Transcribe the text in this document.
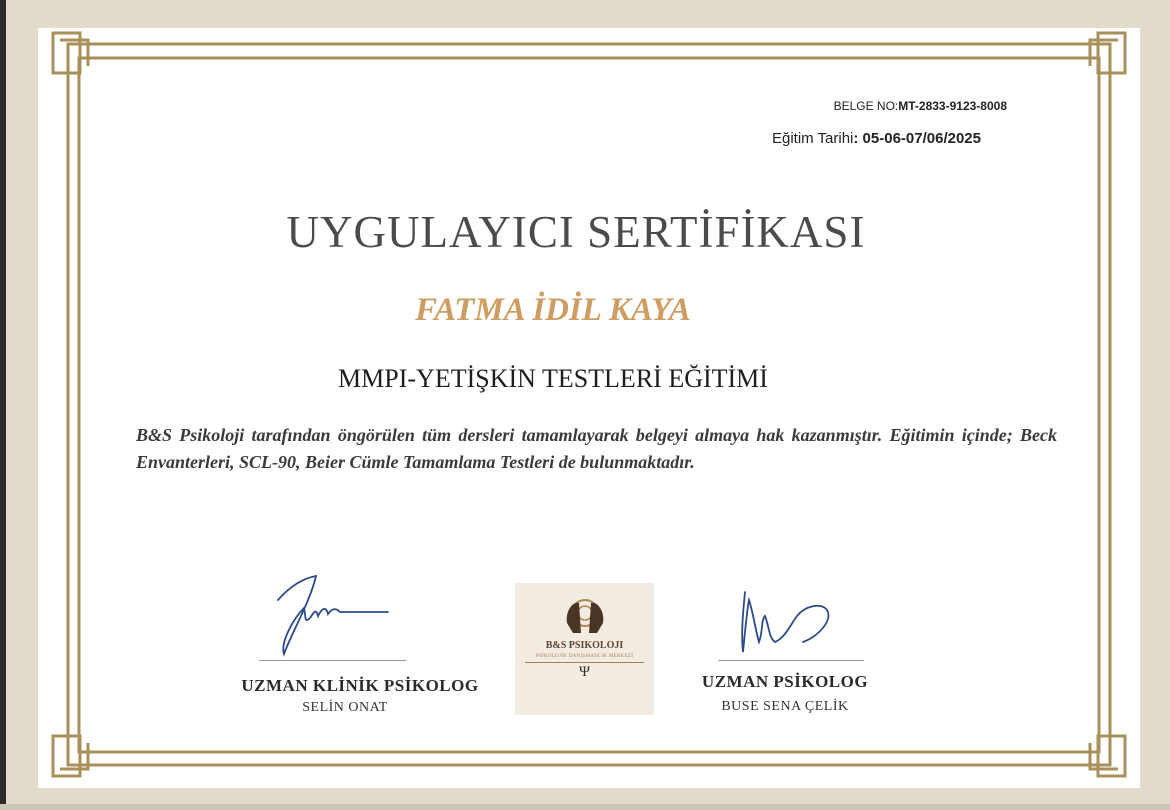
BELGE NO:MT-2833-9123-8008
Eğitim Tarihi: 05-06-07/06/2025
UYGULAYICI SERTİFİKASI
FATMA İDİL KAYA
MMPI-YETİŞKİN TESTLERİ EĞİTİMİ
B&S Psikoloji tarafından öngörülen tüm dersleri tamamlayarak belgeyi almaya hak kazanmıştır. Eğitimin içinde; Beck Envanterleri, SCL-90, Beier Cümle Tamamlama Testleri de bulunmaktadır.
UZMAN KLİNİK PSİKOLOG
SELİN ONAT
B&S PSIKOLOJI
PSİKOLOJİK DANIŞMANLIK MERKEZİ
Ψ	UZMAN PSİKOLOG
BUSE SENA ÇELİK
